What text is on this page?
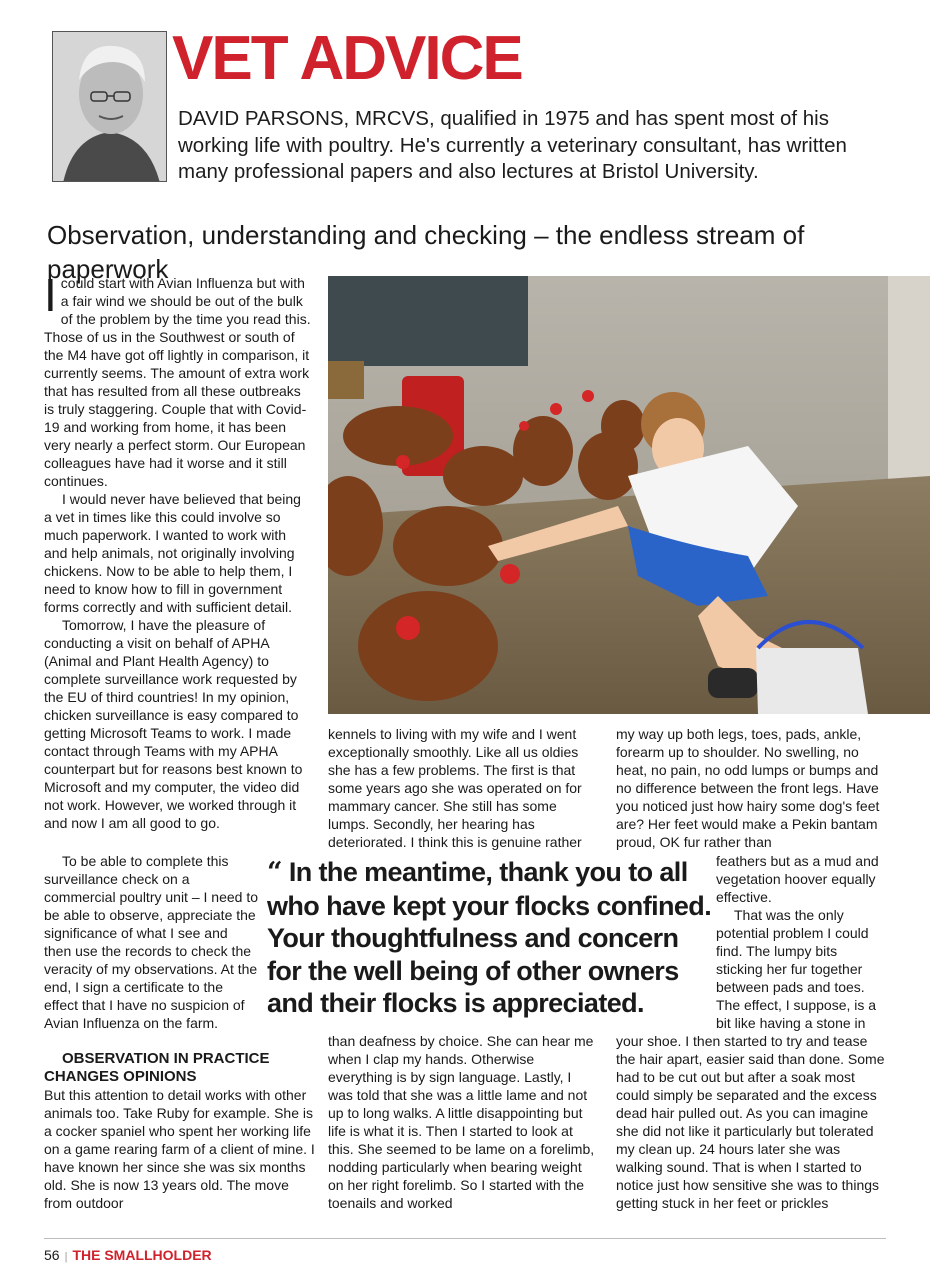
VET ADVICE
DAVID PARSONS, MRCVS, qualified in 1975 and has spent most of his working life with poultry. He's currently a veterinary consultant, has written many professional papers and also lectures at Bristol University.
Observation, understanding and checking – the endless stream of paperwork

Icould start with Avian Influenza but with a fair wind we should be out of the bulk of the problem by the time you read this. Those of us in the Southwest or south of the M4 have got off lightly in comparison, it currently seems. The amount of extra work that has resulted from all these outbreaks is truly staggering. Couple that with Covid-19 and working from home, it has been very nearly a perfect storm. Our European colleagues have had it worse and it still continues.

I would never have believed that being a vet in times like this could involve so much paperwork. I wanted to work with and help animals, not originally involving chickens. Now to be able to help them, I need to know how to fill in government forms correctly and with sufficient detail.

Tomorrow, I have the pleasure of conducting a visit on behalf of APHA (Animal and Plant Health Agency) to complete surveillance work requested by the EU of third countries! In my opinion, chicken surveillance is easy compared to getting Microsoft Teams to work. I made contact through Teams with my APHA counterpart but for reasons best known to Microsoft and my computer, the video did not work. However, we worked through it and now I am all good to go.

To be able to complete this surveillance check on a commercial poultry unit – I need to be able to observe, appreciate the significance of what I see and then use the records to check the veracity of my observations. At the end, I sign a certificate to the effect that I have no suspicion of Avian Influenza on the farm.

OBSERVATION IN PRACTICE CHANGES OPINIONS

But this attention to detail works with other animals too. Take Ruby for example. She is a cocker spaniel who spent her working life on a game rearing farm of a client of mine. I have known her since she was six months old. She is now 13 years old. The move from outdoor

kennels to living with my wife and I went exceptionally smoothly. Like all us oldies she has a few problems. The first is that some years ago she was operated on for mammary cancer. She still has some lumps. Secondly, her hearing has deteriorated. I think this is genuine rather

than deafness by choice. She can hear me when I clap my hands. Otherwise everything is by sign language. Lastly, I was told that she was a little lame and not up to long walks. A little disappointing but life is what it is. Then I started to look at this. She seemed to be lame on a forelimb, nodding particularly when bearing weight on her right forelimb. So I started with the toenails and worked

my way up both legs, toes, pads, ankle, forearm up to shoulder. No swelling, no heat, no pain, no odd lumps or bumps and no difference between the front legs. Have you noticed just how hairy some dog's feet are? Her feet would make a Pekin bantam proud, OK fur rather than

feathers but as a mud and vegetation hoover equally effective.

That was the only potential problem I could find. The lumpy bits sticking her fur together between pads and toes. The effect, I suppose, is a bit like having a stone in

your shoe. I then started to try and tease the hair apart, easier said than done. Some had to be cut out but after a soak most could simply be separated and the excess dead hair pulled out. As you can imagine she did not like it particularly but tolerated my clean up. 24 hours later she was walking sound. That is when I started to notice just how sensitive she was to things getting stuck in her feet or prickles

“ In the meantime, thank you to all who have kept your flocks confined. Your thoughtfulness and concern for the well being of other owners and their flocks is appreciated.
56 | THE SMALLHOLDER
